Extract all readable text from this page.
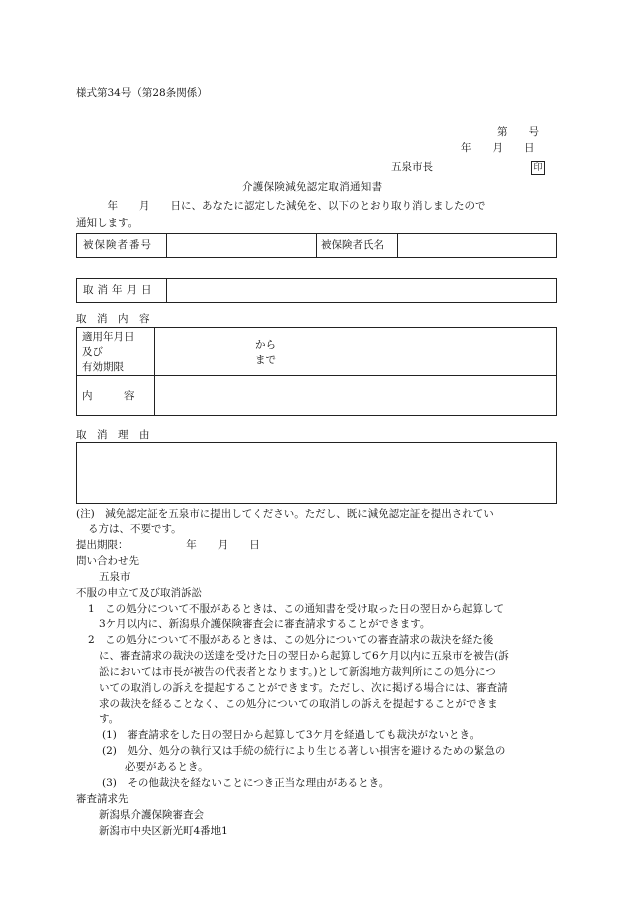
様式第34号（第28条関係）
第　　号
年　　月　　日
五泉市長	印
介護保険減免認定取消通知書
　　　年　　月　　日に、あなたに認定した減免を、以下のとおり取り消しましたので
通知します。
被保険者番号	被保険者氏名
取消年月日
取　消　内　容
適用年月日
及び
有効期限
から
まで
内　　　容
取　消　理　由
(注)　減免認定証を五泉市に提出してください。ただし、既に減免認定証を提出されてい
る方は、不要です。
提出期限：　　　　　　年　　月　　日
問い合わせ先
五泉市
不服の申立て及び取消訴訟
1　この処分について不服があるときは、この通知書を受け取った日の翌日から起算して
3ケ月以内に、新潟県介護保険審査会に審査請求することができます。
2　この処分について不服があるときは、この処分についての審査請求の裁決を経た後
に、審査請求の裁決の送達を受けた日の翌日から起算して6ケ月以内に五泉市を被告(訴
訟においては市長が被告の代表者となります。)として新潟地方裁判所にこの処分につ
いての取消しの訴えを提起することができます。ただし、次に掲げる場合には、審査請
求の裁決を経ることなく、この処分についての取消しの訴えを提起することができま
す。
(1)　審査請求をした日の翌日から起算して3ケ月を経過しても裁決がないとき。
(2)　処分、処分の執行又は手続の続行により生じる著しい損害を避けるための緊急の
必要があるとき。
(3)　その他裁決を経ないことにつき正当な理由があるとき。
審査請求先
新潟県介護保険審査会
新潟市中央区新光町4番地1
